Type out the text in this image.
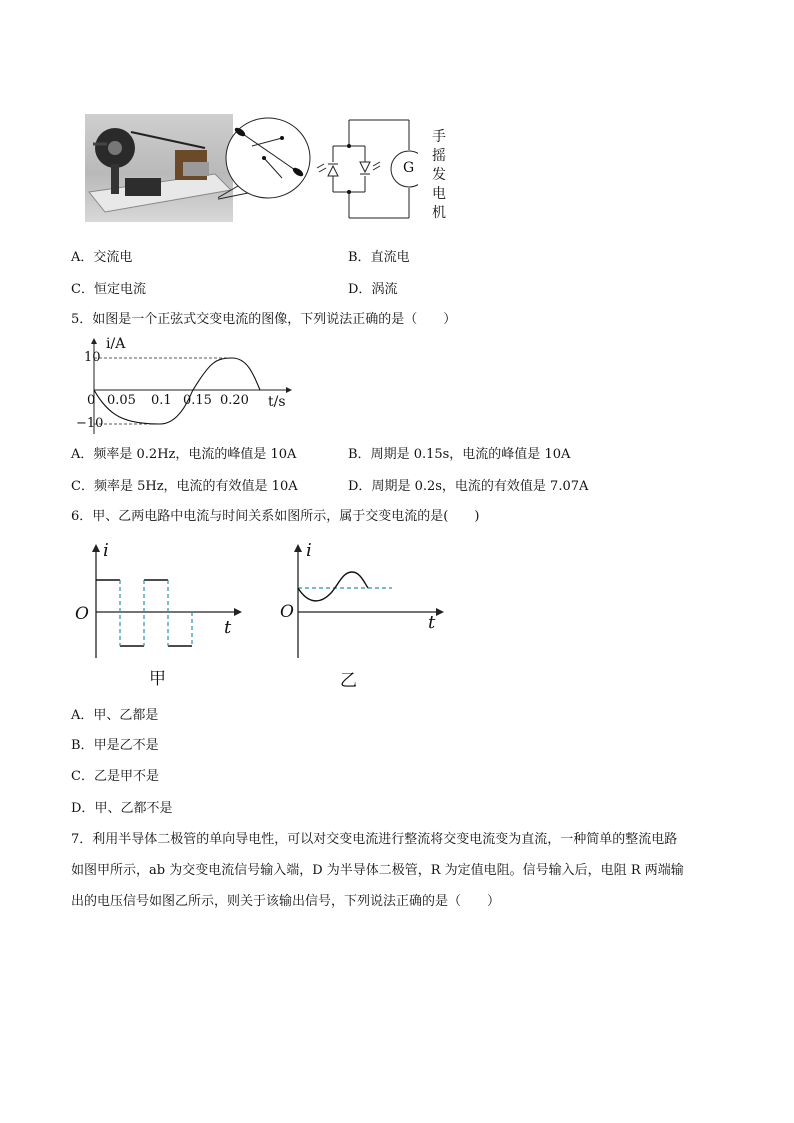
G
手
摇
发
电
机
A．交流电	B．直流电
C．恒定电流	D．涡流
5．如图是一个正弦式交变电流的图像，下列说法正确的是（　　）
i/A
t/s
10
0
−10
0.05 0.1 0.15 0.20
A．频率是 0.2Hz，电流的峰值是 10A	B．周期是 0.15s，电流的峰值是 10A
C．频率是 5Hz，电流的有效值是 10A	D．周期是 0.2s，电流的有效值是 7.07A
6．甲、乙两电路中电流与时间关系如图所示，属于交变电流的是(　　)
i
t
O
甲
i
t
O
乙
A．甲、乙都是
B．甲是乙不是
C．乙是甲不是
D．甲、乙都不是
7．利用半导体二极管的单向导电性，可以对交变电流进行整流将交变电流变为直流，一种简单的整流电路
如图甲所示，ab 为交变电流信号输入端，D 为半导体二极管，R 为定值电阻。信号输入后，电阻 R 两端输
出的电压信号如图乙所示，则关于该输出信号，下列说法正确的是（　　）
